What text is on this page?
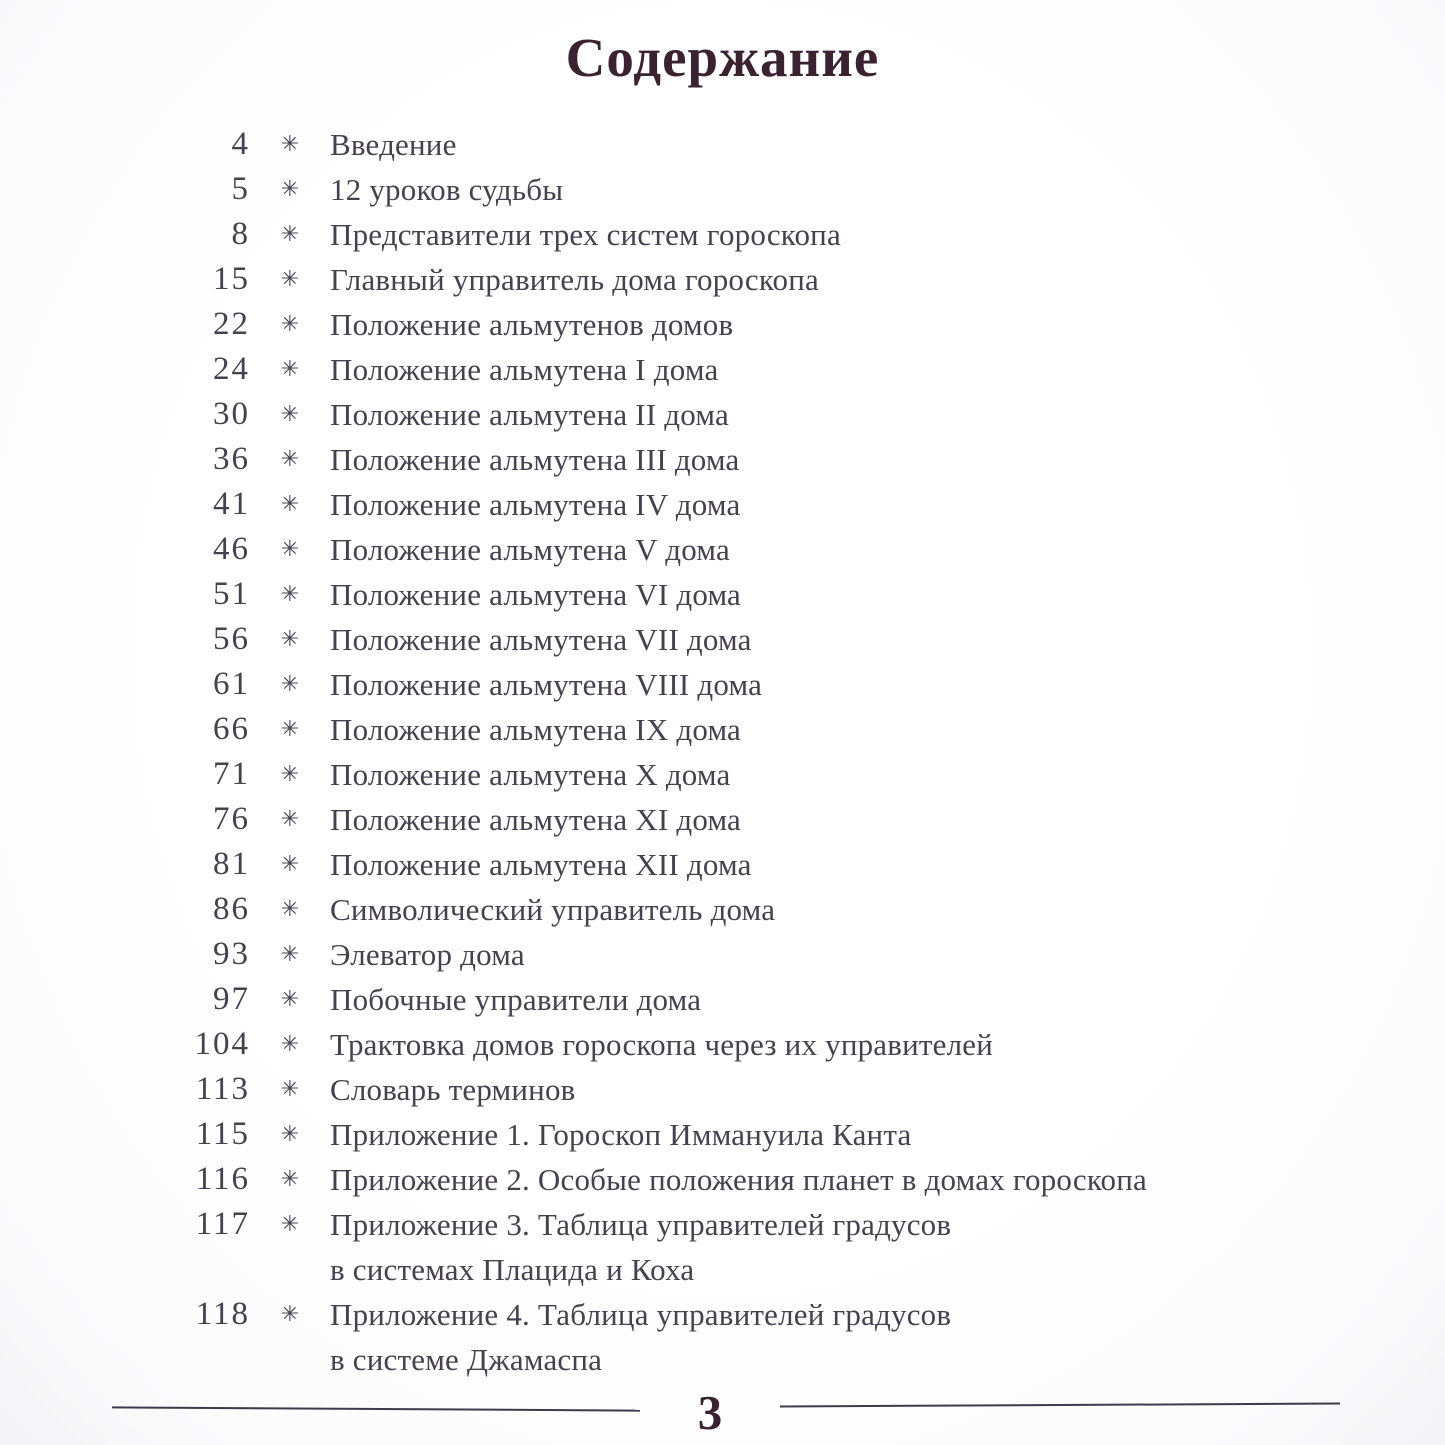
Содержание
4	✳ Введение
5	✳ 12 уроков судьбы
8	✳ Представители трех систем гороскопа
15	✳ Главный управитель дома гороскопа
22	✳ Положение альмутенов домов
24	✳ Положение альмутена I дома
30	✳ Положение альмутена II дома
36	✳ Положение альмутена III дома
41	✳ Положение альмутена IV дома
46	✳ Положение альмутена V дома
51	✳ Положение альмутена VI дома
56	✳ Положение альмутена VII дома
61	✳ Положение альмутена VIII дома
66	✳ Положение альмутена IX дома
71	✳ Положение альмутена X дома
76	✳ Положение альмутена XI дома
81	✳ Положение альмутена XII дома
86	✳ Символический управитель дома
93	✳ Элеватор дома
97	✳ Побочные управители дома
104	✳ Трактовка домов гороскопа через их управителей
113	✳ Словарь терминов
115	✳ Приложение 1. Гороскоп Иммануила Канта
116	✳ Приложение 2. Особые положения планет в домах гороскопа
117	✳ Приложение 3. Таблица управителей градусов
в системах Плацида и Коха
118	✳ Приложение 4. Таблица управителей градусов
в системе Джамаспа
3
